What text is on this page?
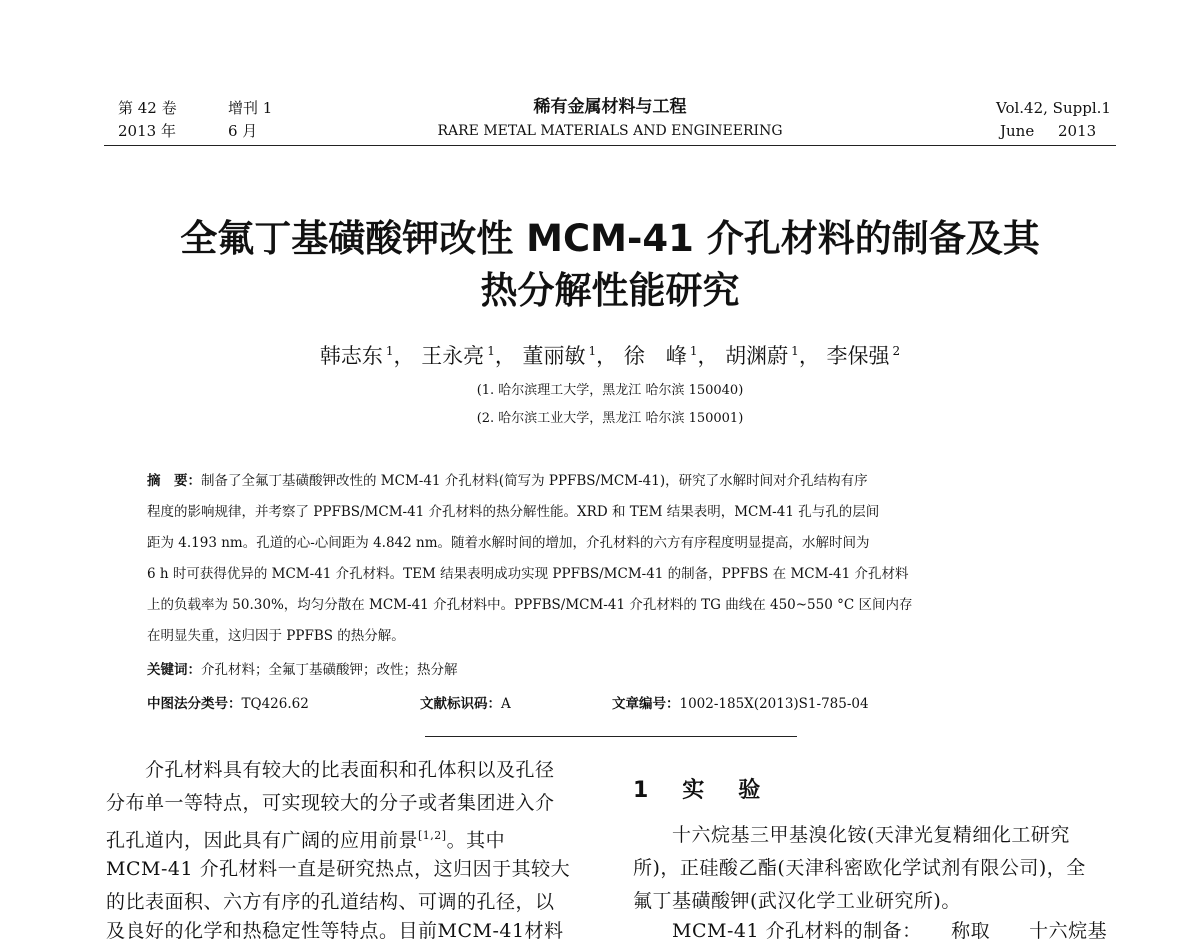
第 42 卷	增刊 1
2013 年	6 月
稀有金属材料与工程
RARE METAL MATERIALS AND ENGINEERING
Vol.42, Suppl.1
June 2013
全氟丁基磺酸钾改性 MCM-41 介孔材料的制备及其
热分解性能研究
韩志东 $^1$， 王永亮 $^1$， 董丽敏 $^1$， 徐　峰 $^1$， 胡渊蔚 $^1$， 李保强 $^2$
(1. 哈尔滨理工大学，黑龙江 哈尔滨 150040)
(2. 哈尔滨工业大学，黑龙江 哈尔滨 150001)
摘　要：制备了全氟丁基磺酸钾改性的 MCM-41 介孔材料(简写为 PPFBS/MCM-41)，研究了水解时间对介孔结构有序
程度的影响规律，并考察了 PPFBS/MCM-41 介孔材料的热分解性能。XRD 和 TEM 结果表明，MCM-41 孔与孔的层间
距为 4.193 nm。孔道的心-心间距为 4.842 nm。随着水解时间的增加，介孔材料的六方有序程度明显提高，水解时间为
6 h 时可获得优异的 MCM-41 介孔材料。TEM 结果表明成功实现 PPFBS/MCM-41 的制备，PPFBS 在 MCM-41 介孔材料
上的负载率为 50.30%，均匀分散在 MCM-41 介孔材料中。PPFBS/MCM-41 介孔材料的 TG 曲线在 450~550 °C 区间内存
在明显失重，这归因于 PPFBS 的热分解。
关键词：介孔材料；全氟丁基磺酸钾；改性；热分解
中图法分类号：TQ426.62	文献标识码：A	文章编号：1002-185X(2013)S1-785-04
　　介孔材料具有较大的比表面积和孔体积以及孔径
分布单一等特点，可实现较大的分子或者集团进入介
孔孔道内，因此具有广阔的应用前景[1,2]。其中
MCM-41 介孔材料一直是研究热点，这归因于其较大
的比表面积、六方有序的孔道结构、可调的孔径，以
及良好的化学和热稳定性等特点。目前MCM-41材料
1　实　验
　　十六烷基三甲基溴化铵(天津光复精细化工研究
所)，正硅酸乙酯(天津科密欧化学试剂有限公司)，全
氟丁基磺酸钾(武汉化学工业研究所)。
　　MCM-41 介孔材料的制备：　　称取　　十六烷基
